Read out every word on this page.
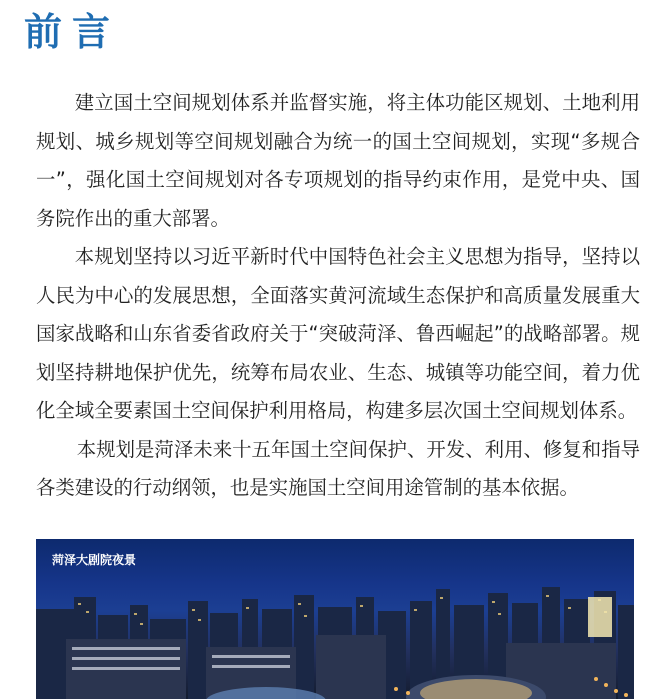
前言

建立国土空间规划体系并监督实施，将主体功能区规划、土地利用规划、城乡规划等空间规划融合为统一的国土空间规划，实现“多规合一”，强化国土空间规划对各专项规划的指导约束作用，是党中央、国务院作出的重大部署。

本规划坚持以习近平新时代中国特色社会主义思想为指导，坚持以人民为中心的发展思想，全面落实黄河流域生态保护和高质量发展重大国家战略和山东省委省政府关于“突破菏泽、鲁西崛起”的战略部署。规划坚持耕地保护优先，统筹布局农业、生态、城镇等功能空间，着力优化全域全要素国土空间保护利用格局，构建多层次国土空间规划体系。

本规划是菏泽未来十五年国土空间保护、开发、利用、修复和指导各类建设的行动纲领，也是实施国土空间用途管制的基本依据。

菏泽大剧院夜景
